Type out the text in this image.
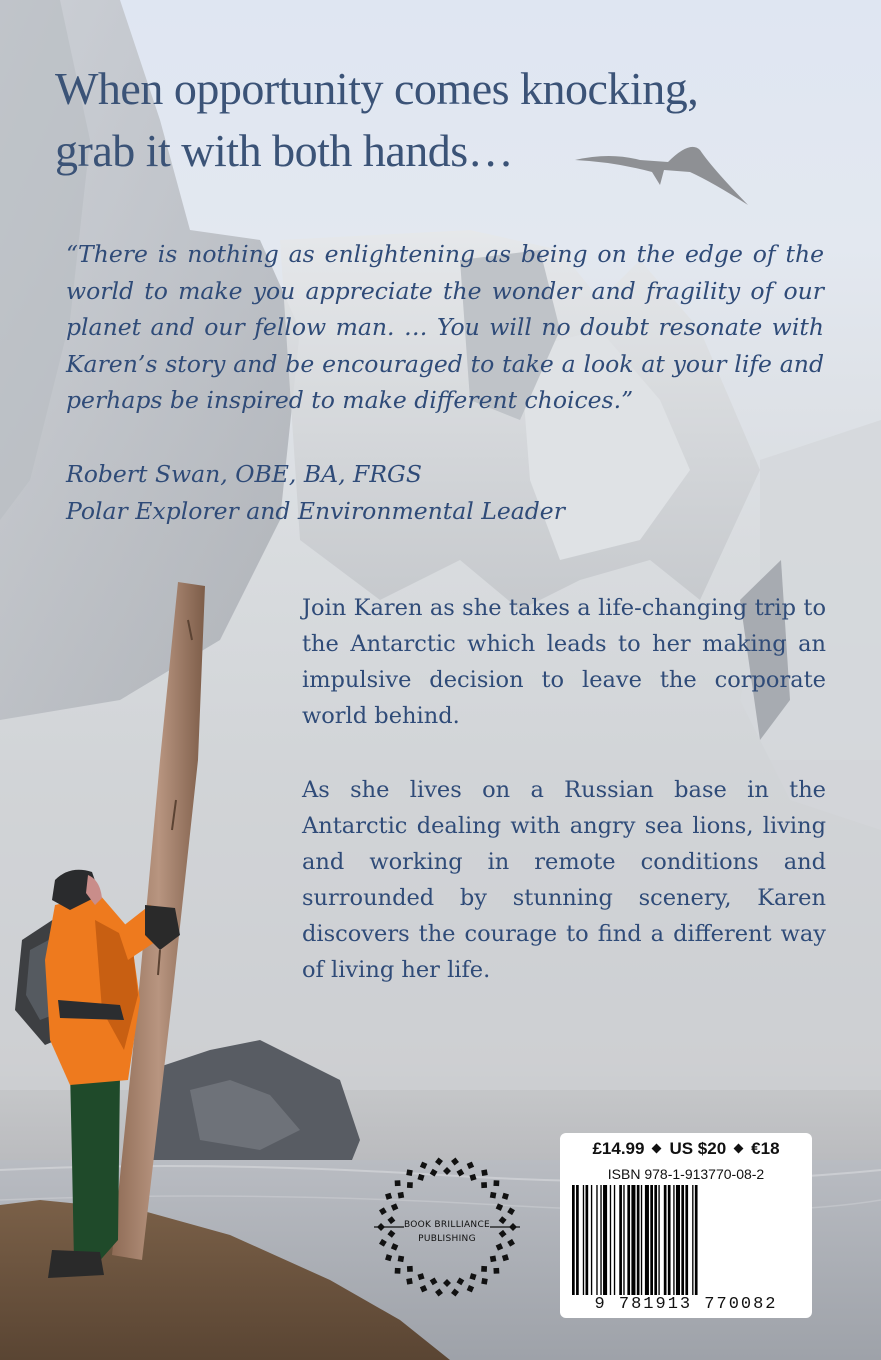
When opportunity comes knocking,
grab it with both hands…

“There is nothing as enlightening as being on the edge of the world to make you appreciate the wonder and fragility of our planet and our fellow man. … You will no doubt resonate with Karen’s story and be encouraged to take a look at your life and perhaps be inspired to make different choices.”

Robert Swan, OBE, BA, FRGS
Polar Explorer and Environmental Leader

Join Karen as she takes a life-changing trip to the Antarctic which leads to her making an impulsive decision to leave the corporate world behind.

As she lives on a Russian base in the Antarctic dealing with angry sea lions, living and working in remote conditions and surrounded by stunning scenery, Karen discovers the courage to find a different way of living her life.

BOOK BRILLIANCE
PUBLISHING
£14.99 US $20 €18
ISBN 978-1-913770-08-2
9 781913 770082
